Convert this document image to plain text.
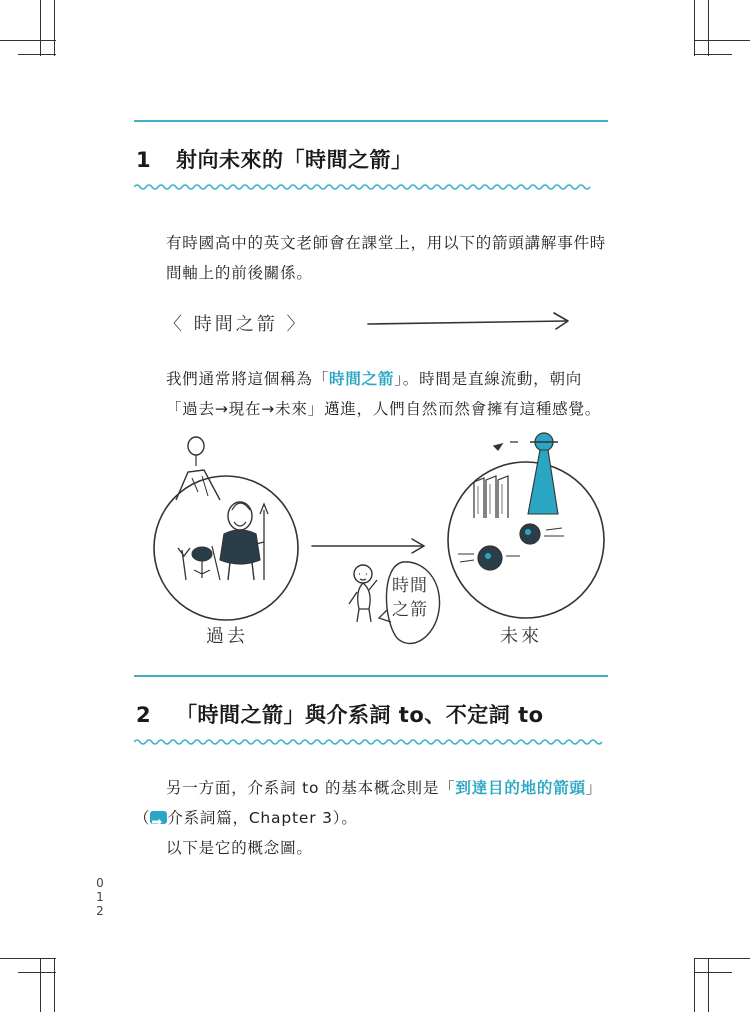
1 射向未來的「時間之箭」

有時國高中的英文老師會在課堂上，用以下的箭頭講解事件時間軸上的前後關係。

〈 時間之箭 〉

我們通常將這個稱為「時間之箭」。時間是直線流動，朝向「過去→現在→未來」邁進，人們自然而然會擁有這種感覺。

時間
之箭
過去	未來
2 「時間之箭」與介系詞 to、不定詞 to

另一方面，介系詞 to 的基本概念則是「到達目的地的箭頭」

（➡ 介系詞篇，Chapter 3）。

以下是它的概念圖。

0
1
2
